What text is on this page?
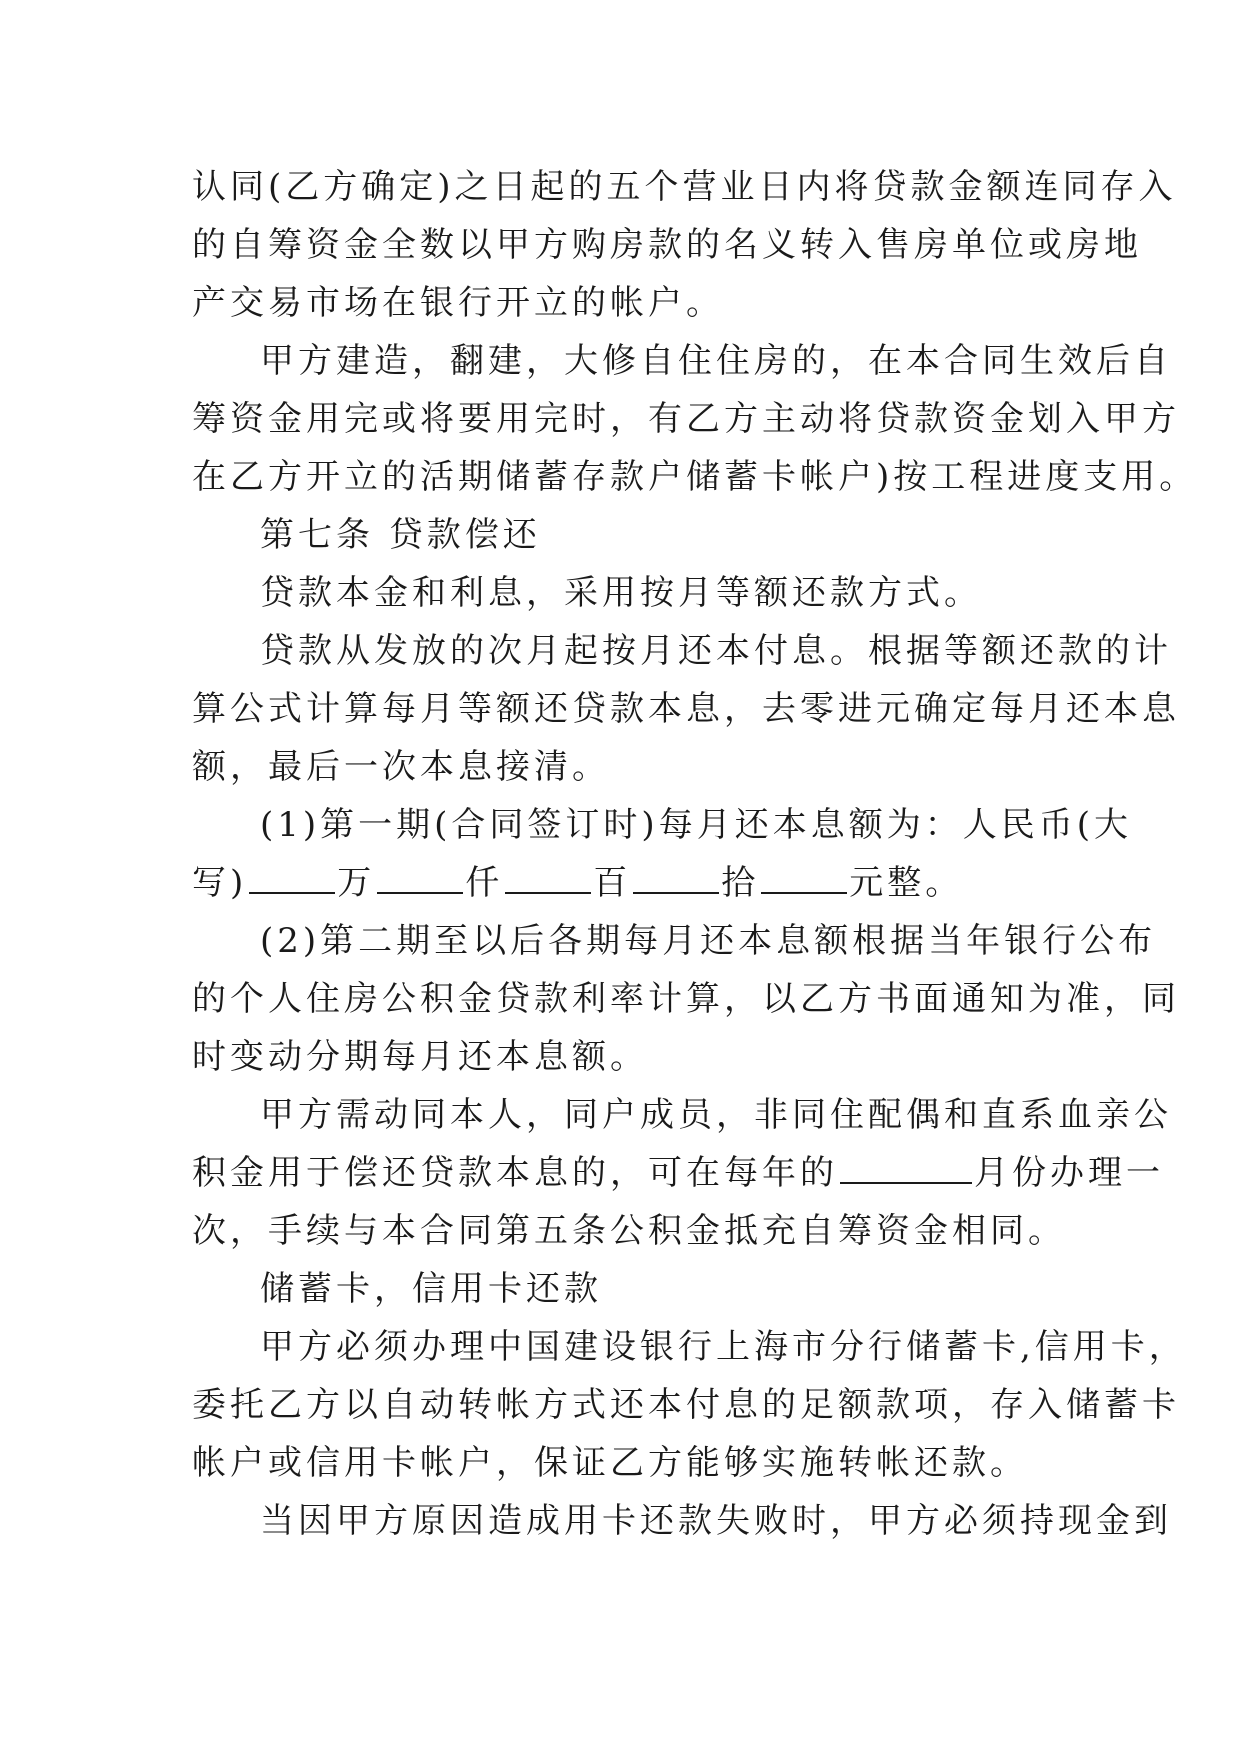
认同(乙方确定)之日起的五个营业日内将贷款金额连同存入
的自筹资金全数以甲方购房款的名义转入售房单位或房地
产交易市场在银行开立的帐户。
甲方建造，翻建，大修自住住房的，在本合同生效后自
筹资金用完或将要用完时，有乙方主动将贷款资金划入甲方
在乙方开立的活期储蓄存款户储蓄卡帐户)按工程进度支用。
第七条 贷款偿还
贷款本金和利息，采用按月等额还款方式。
贷款从发放的次月起按月还本付息。根据等额还款的计
算公式计算每月等额还贷款本息，去零进元确定每月还本息
额，最后一次本息接清。
(1)第一期(合同签订时)每月还本息额为：人民币(大
写)	万	仟	百	拾	元整。
(2)第二期至以后各期每月还本息额根据当年银行公布
的个人住房公积金贷款利率计算，以乙方书面通知为准，同
时变动分期每月还本息额。
甲方需动同本人，同户成员，非同住配偶和直系血亲公
积金用于偿还贷款本息的，可在每年的	月份办理一
次，手续与本合同第五条公积金抵充自筹资金相同。
储蓄卡，信用卡还款
甲方必须办理中国建设银行上海市分行储蓄卡,信用卡，
委托乙方以自动转帐方式还本付息的足额款项，存入储蓄卡
帐户或信用卡帐户，保证乙方能够实施转帐还款。
当因甲方原因造成用卡还款失败时，甲方必须持现金到
